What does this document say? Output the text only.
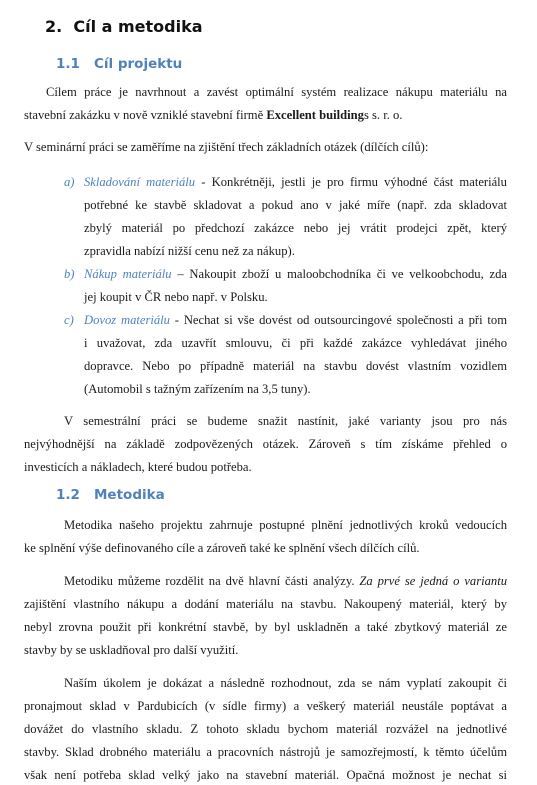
2. Cíl a metodika
1.1 Cíl projektu
Cílem práce je navrhnout a zavést optimální systém realizace nákupu materiálu na
stavební zakázku v nově vzniklé stavební firmě Excellent buildings s. r. o.
V seminární práci se zaměříme na zjištění třech základních otázek (dílčích cílů):
a) Skladování materiálu - Konkrétněji, jestli je pro firmu výhodné část materiálu
potřebné ke stavbě skladovat a pokud ano v jaké míře (např. zda skladovat
zbylý materiál po předchozí zakázce nebo jej vrátit prodejci zpět, který
zpravidla nabízí nižší cenu než za nákup).
b) Nákup materiálu – Nakoupit zboží u maloobchodníka či ve velkoobchodu, zda
jej koupit v ČR nebo např. v Polsku.
c) Dovoz materiálu - Nechat si vše dovést od outsourcingové společnosti a při tom
i uvažovat, zda uzavřít smlouvu, či při každé zakázce vyhledávat jiného
dopravce. Nebo po případně materiál na stavbu dovést vlastním vozidlem
(Automobil s tažným zařízením na 3,5 tuny).
V semestrální práci se budeme snažit nastínit, jaké varianty jsou pro nás
nejvýhodnější na základě zodpovězených otázek. Zároveň s tím získáme přehled o
investicích a nákladech, které budou potřeba.
1.2 Metodika
Metodika našeho projektu zahrnuje postupné plnění jednotlivých kroků vedoucích
ke splnění výše definovaného cíle a zároveň také ke splnění všech dílčích cílů.
Metodiku můžeme rozdělit na dvě hlavní části analýzy. Za prvé se jedná o variantu
zajištění vlastního nákupu a dodání materiálu na stavbu. Nakoupený materiál, který by
nebyl zrovna použit při konkrétní stavbě, by byl uskladněn a také zbytkový materiál ze
stavby by se uskladňoval pro další využití.
Naším úkolem je dokázat a následně rozhodnout, zda se nám vyplatí zakoupit či
pronajmout sklad v Pardubicích (v sídle firmy) a veškerý materiál neustále poptávat a
dovážet do vlastního skladu. Z tohoto skladu bychom materiál rozvážel na jednotlivé
stavby. Sklad drobného materiálu a pracovních nástrojů je samozřejmostí, k těmto účelům
však není potřeba sklad velký jako na stavební materiál. Opačná možnost je nechat si
